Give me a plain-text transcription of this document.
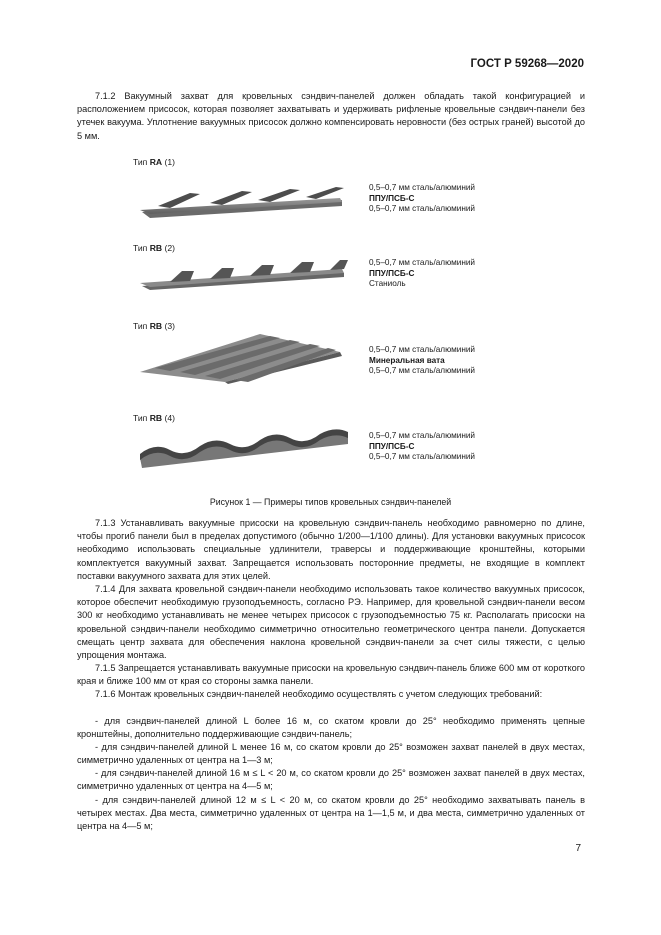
ГОСТ Р 59268—2020

7.1.2 Вакуумный захват для кровельных сэндвич-панелей должен обладать такой конфигурацией и расположением присосок, которая позволяет захватывать и удерживать рифленые кровельные сэндвич-панели без утечек вакуума. Уплотнение вакуумных присосок должно компенсировать неровности (без острых граней) высотой до 5 мм.

Тип RA (1)
0,5–0,7 мм сталь/алюминий
ППУ/ПСБ-С
0,5–0,7 мм сталь/алюминий
Тип RB (2)
0,5–0,7 мм сталь/алюминий
ППУ/ПСБ-С
Станиоль
Тип RB (3)
0,5–0,7 мм сталь/алюминий
Минеральная вата
0,5–0,7 мм сталь/алюминий
Тип RB (4)
0,5–0,7 мм сталь/алюминий
ППУ/ПСБ-С
0,5–0,7 мм сталь/алюминий
Рисунок 1 — Примеры типов кровельных сэндвич-панелей

7.1.3 Устанавливать вакуумные присоски на кровельную сэндвич-панель необходимо равномерно по длине, чтобы прогиб панели был в пределах допустимого (обычно 1/200—1/100 длины). Для установки вакуумных присосок необходимо использовать специальные удлинители, траверсы и поддерживающие кронштейны, которыми комплектуется вакуумный захват. Запрещается использовать посторонние предметы, не входящие в комплект поставки вакуумного захвата для этих целей.

7.1.4 Для захвата кровельной сэндвич-панели необходимо использовать такое количество вакуумных присосок, которое обеспечит необходимую грузоподъемность, согласно РЭ. Например, для кровельной сэндвич-панели весом 300 кг необходимо устанавливать не менее четырех присосок с грузоподъемностью 75 кг. Располагать присоски на кровельной сэндвич-панели необходимо симметрично относительно геометрического центра панели. Допускается смещать центр захвата для обеспечения наклона кровельной сэндвич-панели за счет силы тяжести, с целью упрощения монтажа.

7.1.5 Запрещается устанавливать вакуумные присоски на кровельную сэндвич-панель ближе 600 мм от короткого края и ближе 100 мм от края со стороны замка панели.

7.1.6 Монтаж кровельных сэндвич-панелей необходимо осуществлять с учетом следующих требований:

- для сэндвич-панелей длиной L более 16 м, со скатом кровли до 25° необходимо применять цепные кронштейны, дополнительно поддерживающие сэндвич-панель;

- для сэндвич-панелей длиной L менее 16 м, со скатом кровли до 25° возможен захват панелей в двух местах, симметрично удаленных от центра на 1—3 м;

- для сэндвич-панелей длиной 16 м ≤ L < 20 м, со скатом кровли до 25° возможен захват панелей в двух местах, симметрично удаленных от центра на 4—5 м;

- для сэндвич-панелей длиной 12 м ≤ L < 20 м, со скатом кровли до 25° необходимо захватывать панель в четырех местах. Два места, симметрично удаленных от центра на 1—1,5 м, и два места, симметрично удаленных от центра на 4—5 м;

7
